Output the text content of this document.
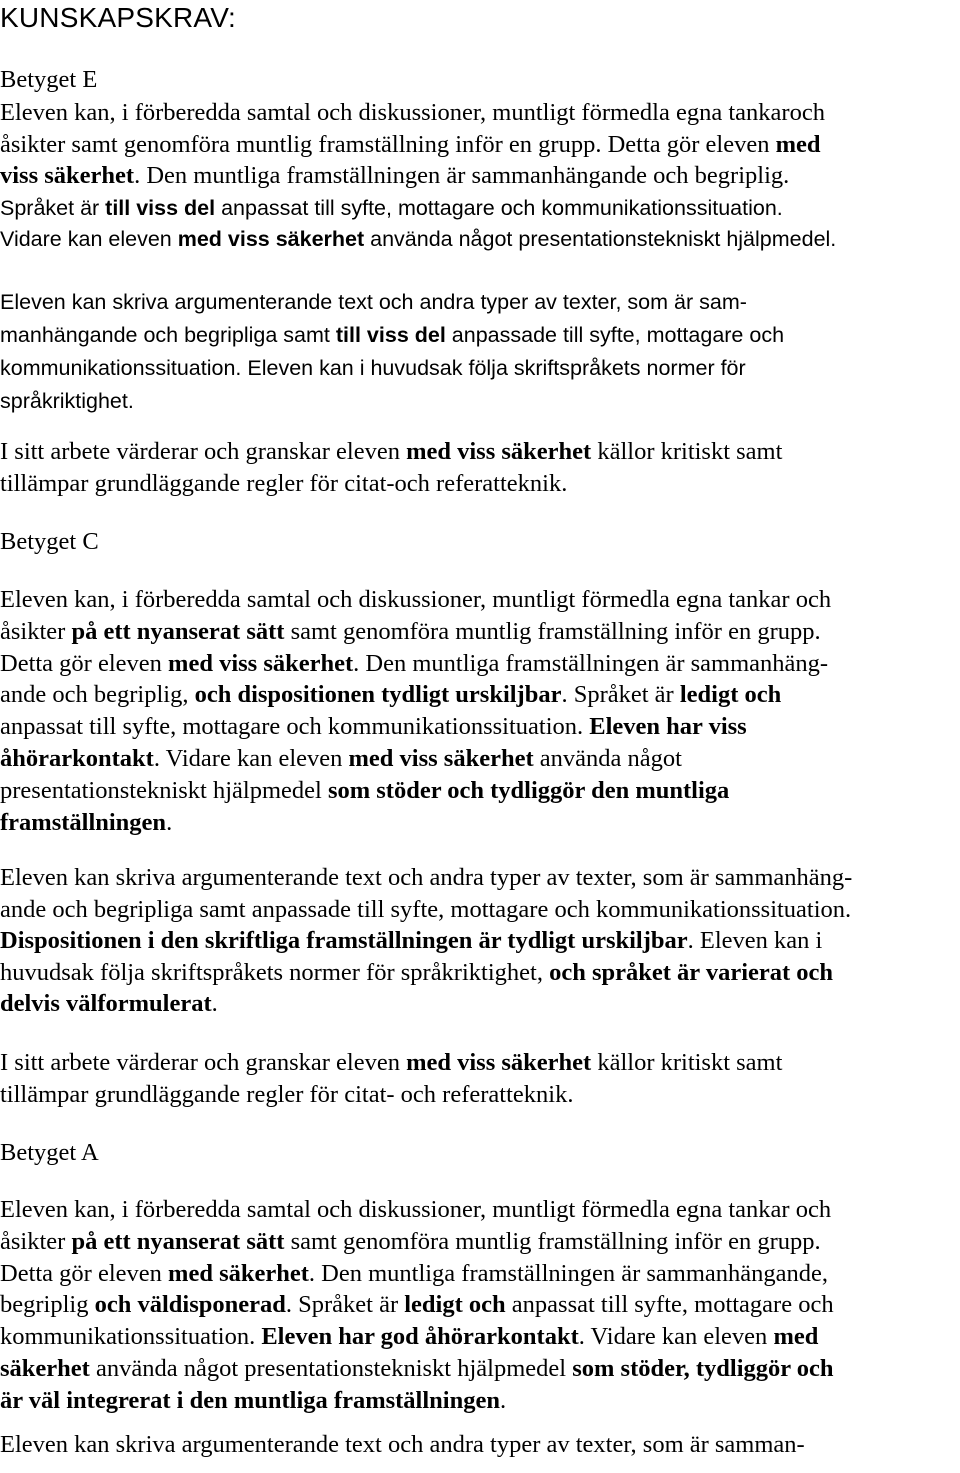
KUNSKAPSKRAV:
Betyget E
Eleven kan, i förberedda samtal och diskussioner, muntligt förmedla egna tankaroch
åsikter samt genomföra muntlig framställning inför en grupp. Detta gör eleven med
viss säkerhet. Den muntliga framställningen är sammanhängande och begriplig.
Språket är till viss del anpassat till syfte, mottagare och kommunikationssituation.
Vidare kan eleven med viss säkerhet använda något presentationstekniskt hjälpmedel.
Eleven kan skriva argumenterande text och andra typer av texter, som är sam-
manhängande och begripliga samt till viss del anpassade till syfte, mottagare och
kommunikationssituation. Eleven kan i huvudsak följa skriftspråkets normer för
språkriktighet.
I sitt arbete värderar och granskar eleven med viss säkerhet källor kritiskt samt
tillämpar grundläggande regler för citat-och referatteknik.
Betyget C
Eleven kan, i förberedda samtal och diskussioner, muntligt förmedla egna tankar och
åsikter på ett nyanserat sätt samt genomföra muntlig framställning inför en grupp.
Detta gör eleven med viss säkerhet. Den muntliga framställningen är sammanhäng-
ande och begriplig, och dispositionen tydligt urskiljbar. Språket är ledigt och
anpassat till syfte, mottagare och kommunikationssituation. Eleven har viss
åhörarkontakt. Vidare kan eleven med viss säkerhet använda något
presentationstekniskt hjälpmedel som stöder och tydliggör den muntliga
framställningen.
Eleven kan skriva argumenterande text och andra typer av texter, som är sammanhäng-
ande och begripliga samt anpassade till syfte, mottagare och kommunikationssituation.
Dispositionen i den skriftliga framställningen är tydligt urskiljbar. Eleven kan i
huvudsak följa skriftspråkets normer för språkriktighet, och språket är varierat och
delvis välformulerat.
I sitt arbete värderar och granskar eleven med viss säkerhet källor kritiskt samt
tillämpar grundläggande regler för citat- och referatteknik.
Betyget A
Eleven kan, i förberedda samtal och diskussioner, muntligt förmedla egna tankar och
åsikter på ett nyanserat sätt samt genomföra muntlig framställning inför en grupp.
Detta gör eleven med säkerhet. Den muntliga framställningen är sammanhängande,
begriplig och väldisponerad. Språket är ledigt och anpassat till syfte, mottagare och
kommunikationssituation. Eleven har god åhörarkontakt. Vidare kan eleven med
säkerhet använda något presentationstekniskt hjälpmedel som stöder, tydliggör och
är väl integrerat i den muntliga framställningen.
Eleven kan skriva argumenterande text och andra typer av texter, som är samman-
